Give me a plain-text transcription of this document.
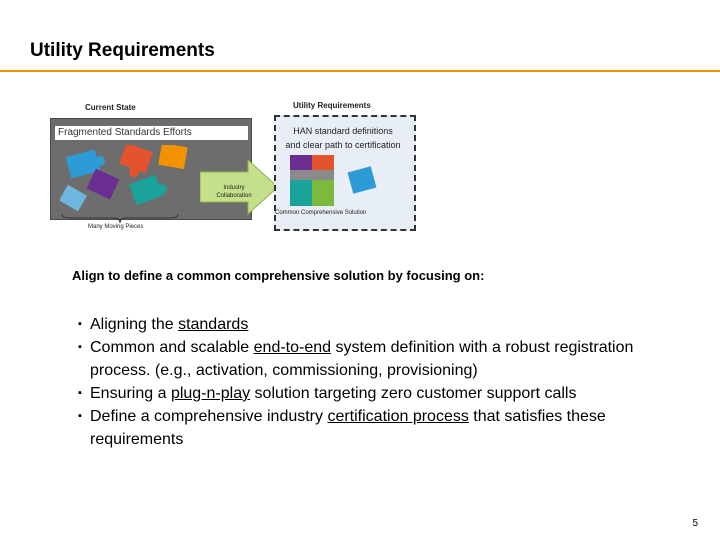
Utility Requirements
Current State	Utility Requirements
Fragmented Standards Efforts
Many Moving Pieces
Industry
Collaboration
HAN standard definitions
and clear path to certification
Common Comprehensive Solution
Align to define a common comprehensive solution by focusing on:
▪ Aligning the standards
▪ Common and scalable end-to-end system definition with a robust registration process. (e.g., activation, commissioning, provisioning)
▪ Ensuring a plug-n-play solution targeting zero customer support calls
▪ Define a comprehensive industry certification process that satisfies these requirements
5
